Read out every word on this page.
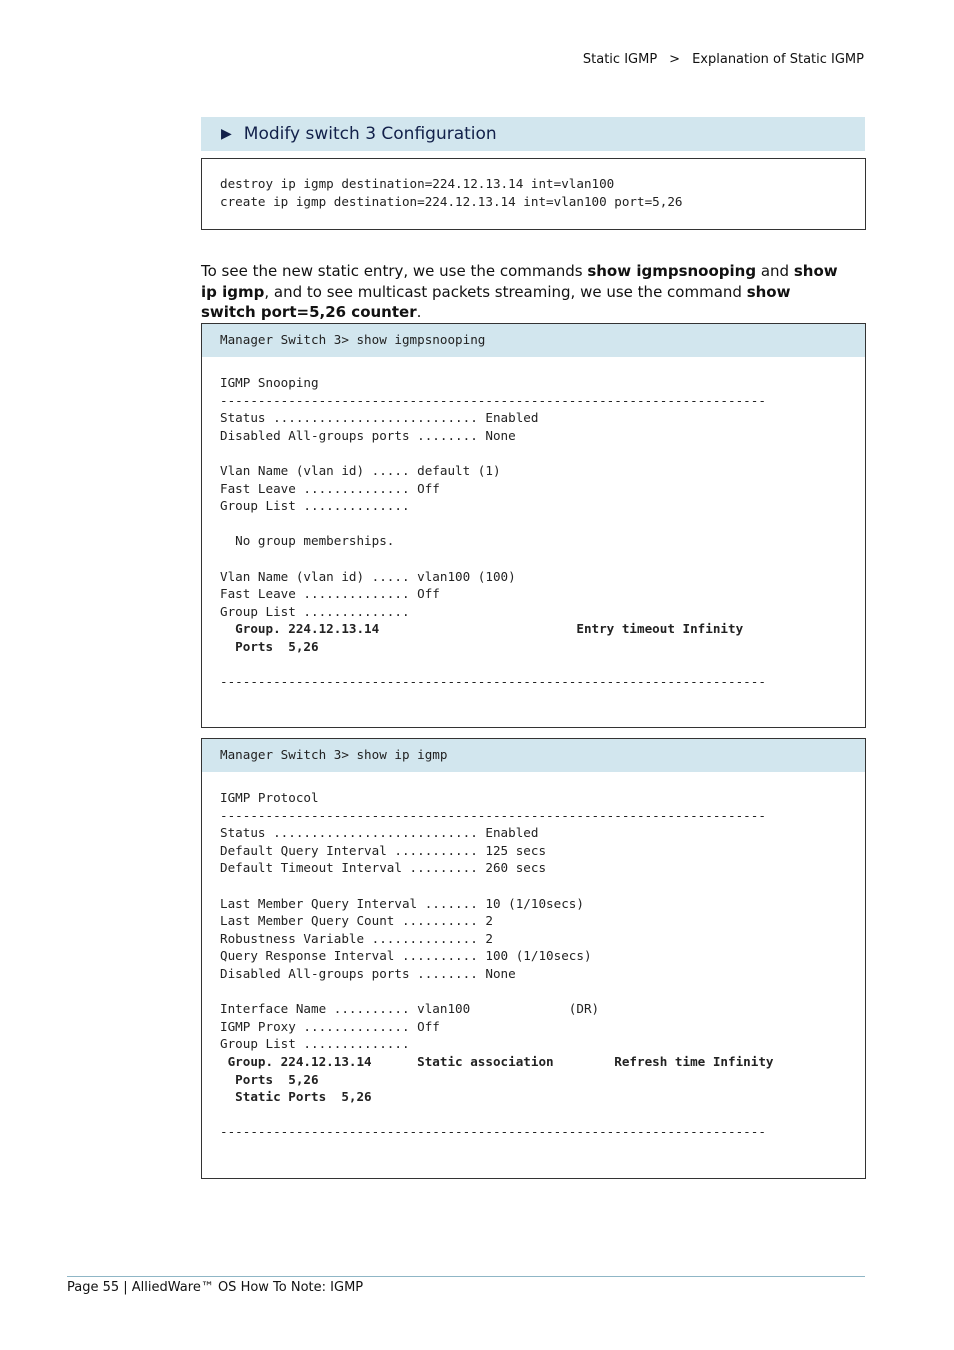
Static IGMP > Explanation of Static IGMP
▶ Modify switch 3 Configuration
destroy ip igmp destination=224.12.13.14 int=vlan100
create ip igmp destination=224.12.13.14 int=vlan100 port=5,26

To see the new static entry, we use the commands show igmpsnooping and show ip igmp, and to see multicast packets streaming, we use the command show switch port=5,26 counter.

Manager Switch 3> show igmpsnooping
IGMP Snooping
------------------------------------------------------------------------
Status ........................... Enabled
Disabled All-groups ports ........ None

Vlan Name (vlan id) ..... default (1)
Fast Leave .............. Off
Group List ..............

No group memberships.

Vlan Name (vlan id) ..... vlan100 (100)
Fast Leave .............. Off
Group List ..............

Group. 224.12.13.14                          Entry timeout Infinity
Ports  5,26

------------------------------------------------------------------------
Manager Switch 3> show ip igmp
IGMP Protocol
------------------------------------------------------------------------
Status ........................... Enabled
Default Query Interval ........... 125 secs
Default Timeout Interval ......... 260 secs

Last Member Query Interval ....... 10 (1/10secs)
Last Member Query Count .......... 2
Robustness Variable .............. 2
Query Response Interval .......... 100 (1/10secs)
Disabled All-groups ports ........ None

Interface Name .......... vlan100             (DR)
IGMP Proxy .............. Off
Group List ..............

Group. 224.12.13.14      Static association        Refresh time Infinity
Ports  5,26
Static Ports  5,26

------------------------------------------------------------------------
Page 55 | AlliedWare™ OS How To Note: IGMP
